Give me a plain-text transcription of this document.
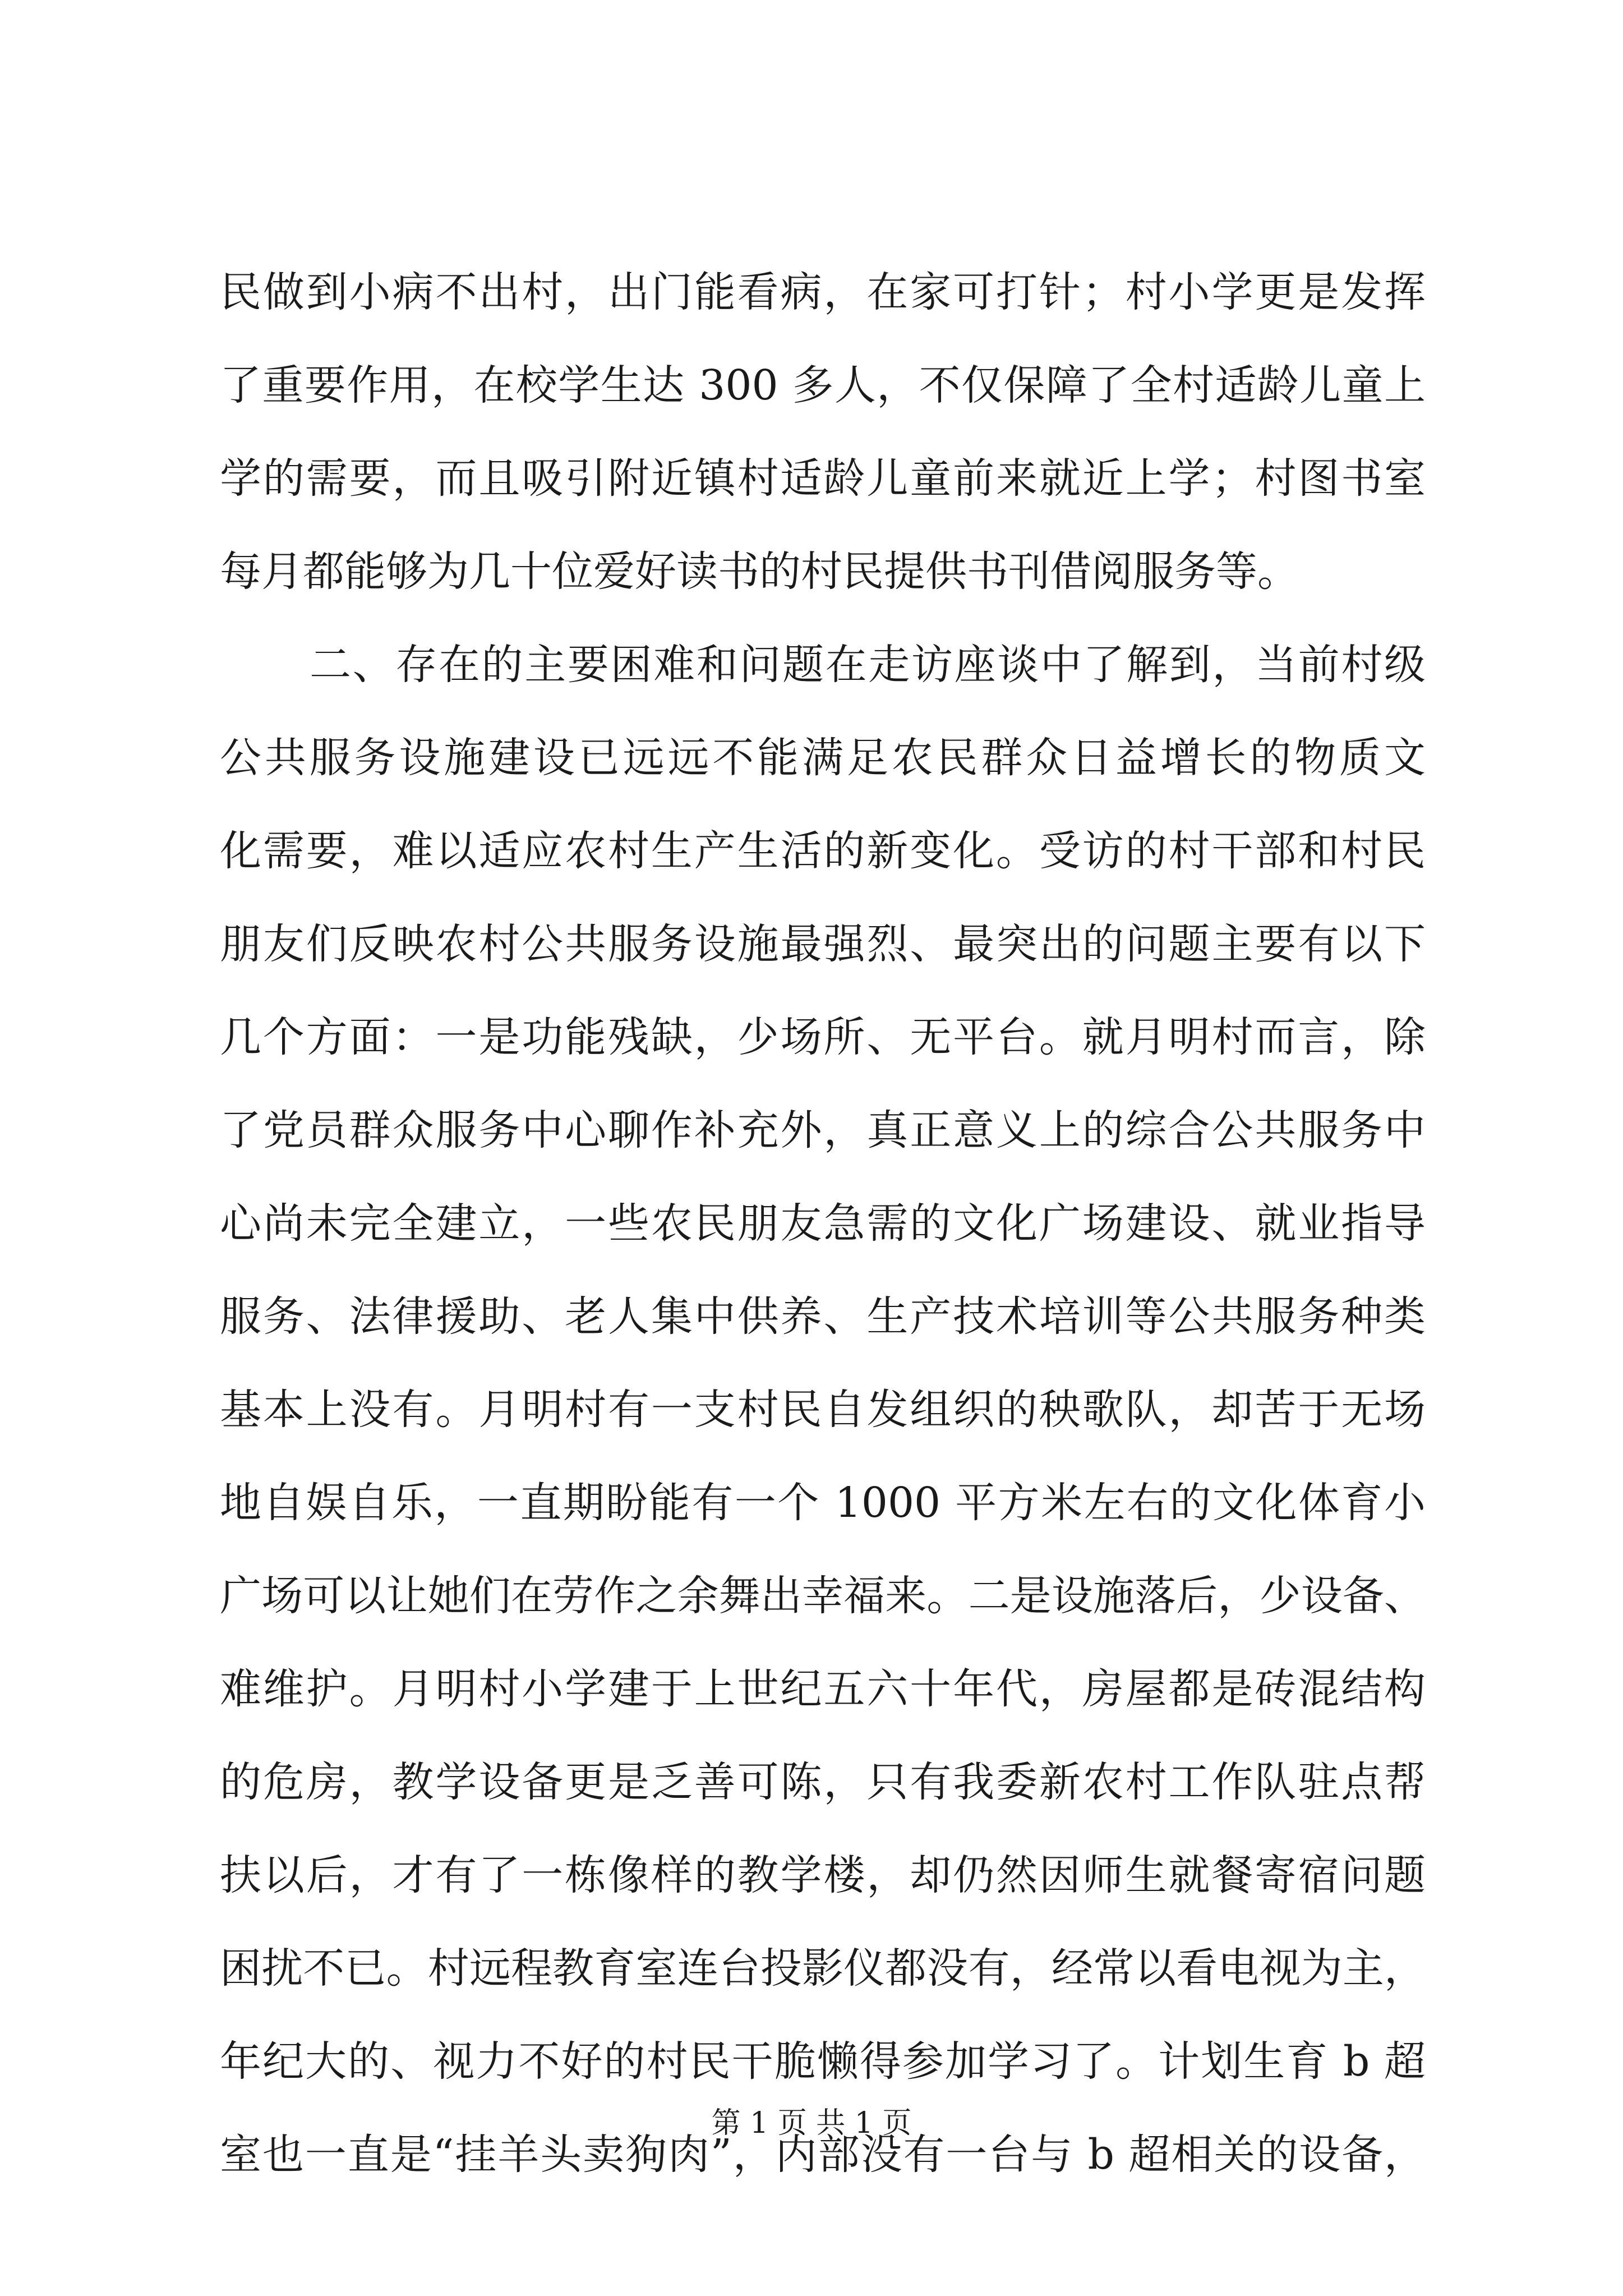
民做到小病不出村，出门能看病，在家可打针；村小学更是发挥
了重要作用，在校学生达 300 多人，不仅保障了全村适龄儿童上
学的需要，而且吸引附近镇村适龄儿童前来就近上学；村图书室
每月都能够为几十位爱好读书的村民提供书刊借阅服务等。
二、存在的主要困难和问题在走访座谈中了解到，当前村级
公共服务设施建设已远远不能满足农民群众日益增长的物质文
化需要，难以适应农村生产生活的新变化。受访的村干部和村民
朋友们反映农村公共服务设施最强烈、最突出的问题主要有以下
几个方面：一是功能残缺，少场所、无平台。就月明村而言，除
了党员群众服务中心聊作补充外，真正意义上的综合公共服务中
心尚未完全建立，一些农民朋友急需的文化广场建设、就业指导
服务、法律援助、老人集中供养、生产技术培训等公共服务种类
基本上没有。月明村有一支村民自发组织的秧歌队，却苦于无场
地自娱自乐，一直期盼能有一个 1000 平方米左右的文化体育小
广场可以让她们在劳作之余舞出幸福来。二是设施落后，少设备、
难维护。月明村小学建于上世纪五六十年代，房屋都是砖混结构
的危房，教学设备更是乏善可陈，只有我委新农村工作队驻点帮
扶以后，才有了一栋像样的教学楼，却仍然因师生就餐寄宿问题
困扰不已。村远程教育室连台投影仪都没有，经常以看电视为主，
年纪大的、视力不好的村民干脆懒得参加学习了。计划生育 b 超
室也一直是“挂羊头卖狗肉”，内部没有一台与 b 超相关的设备，
第 1 页 共 1 页
